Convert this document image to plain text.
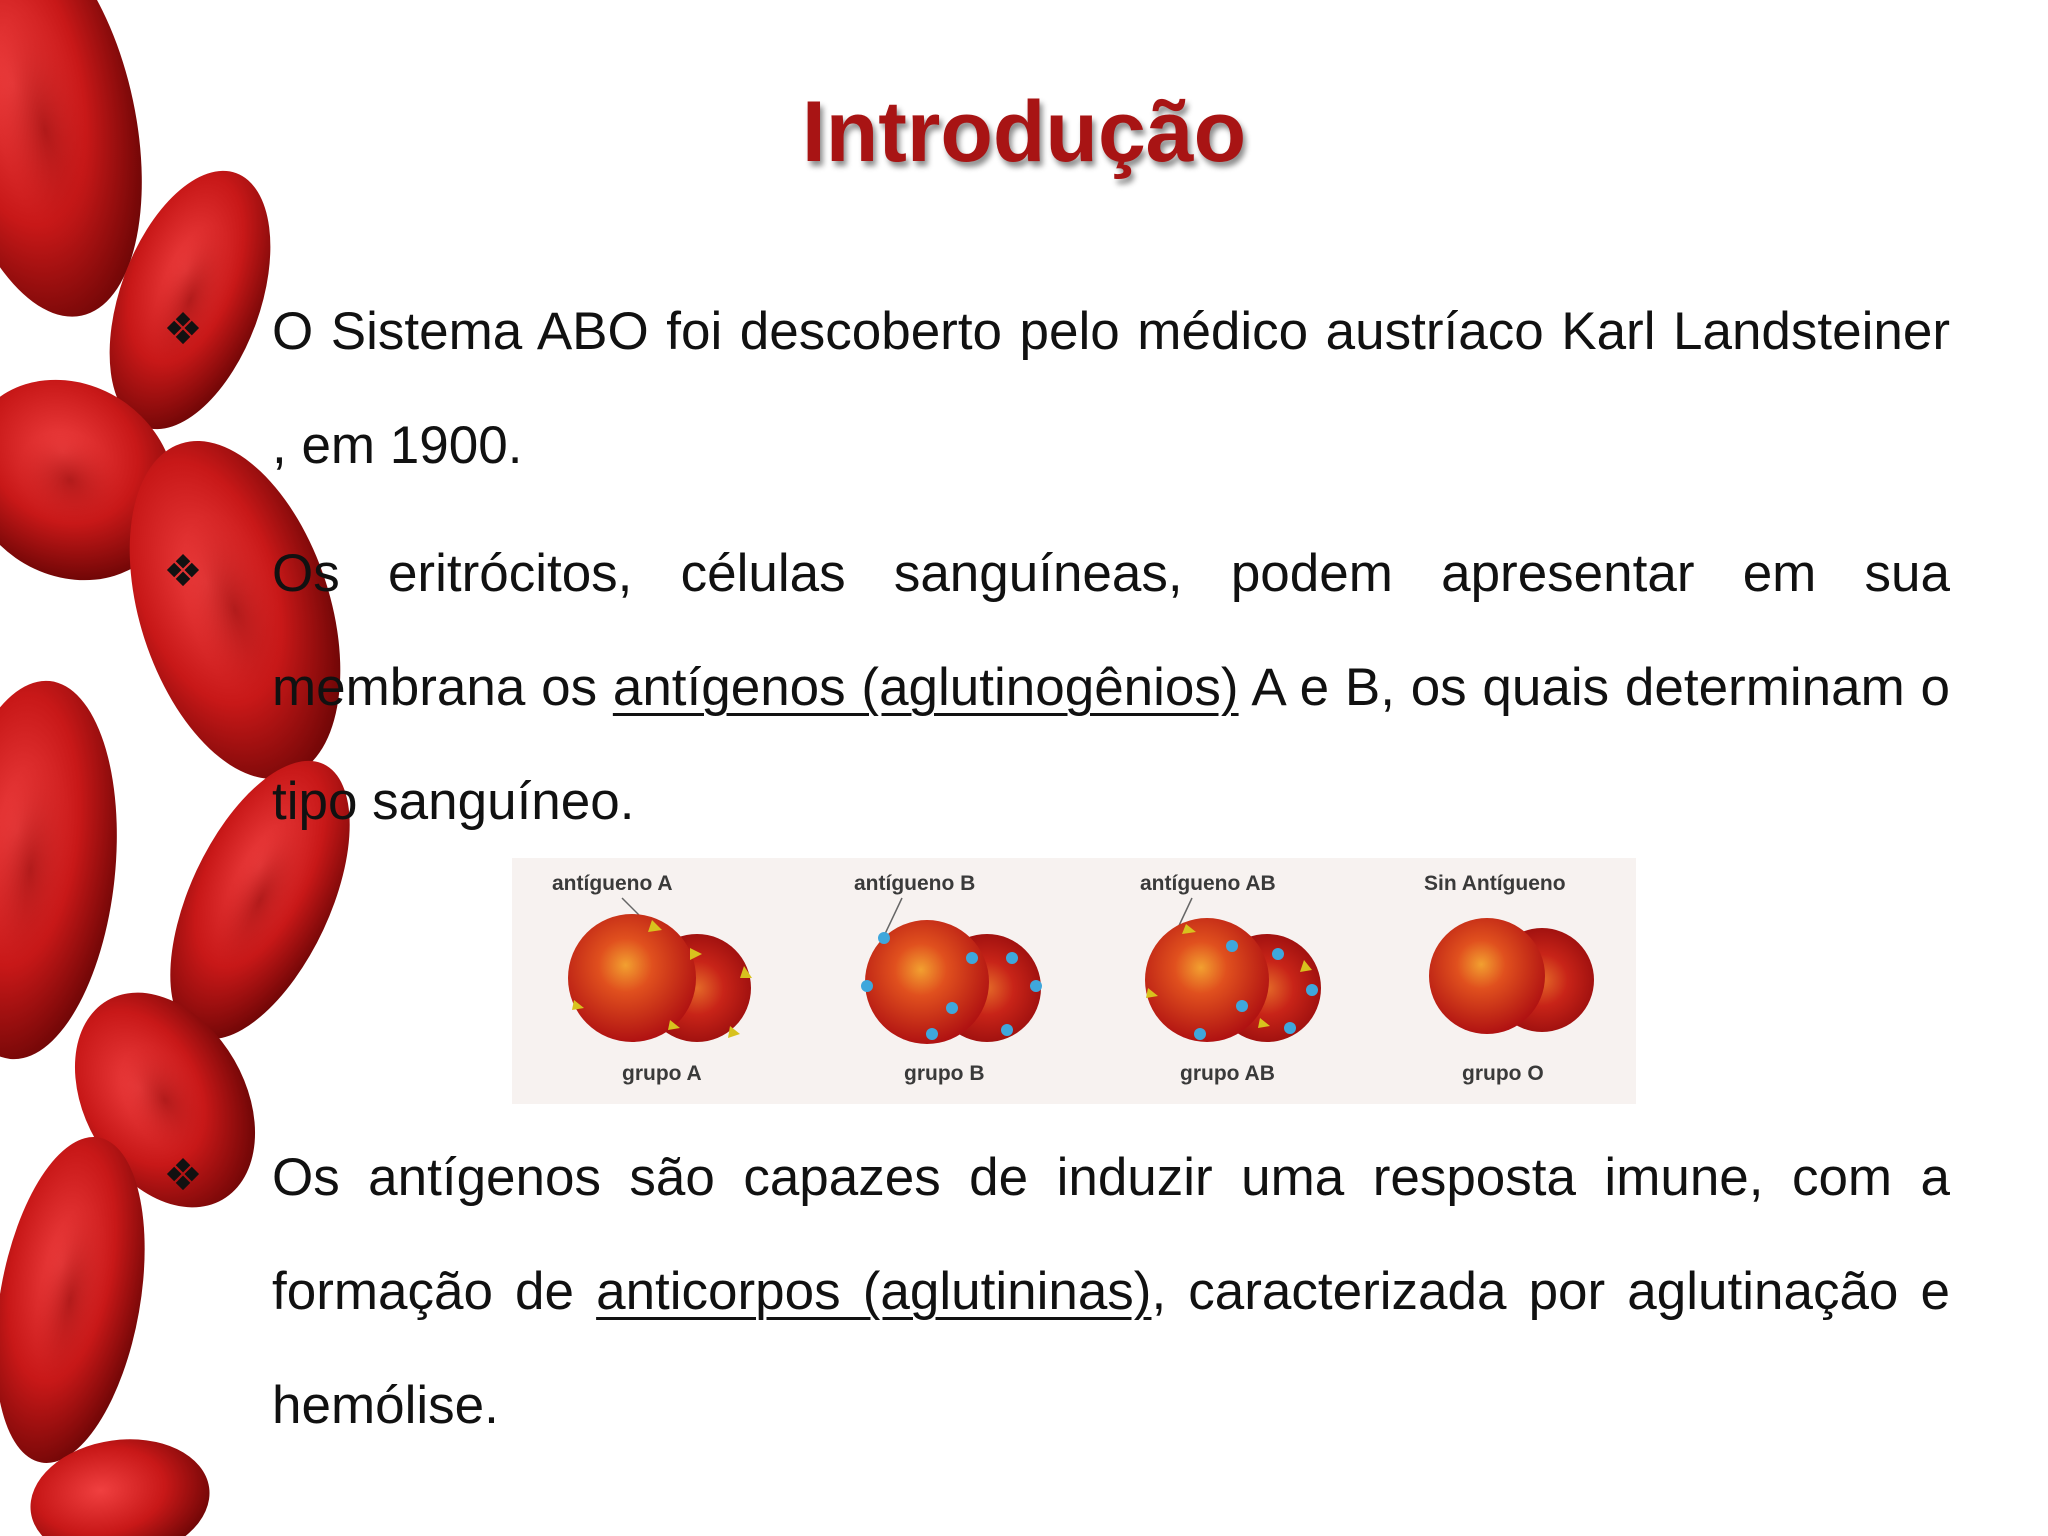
Introdução
❖ O Sistema ABO foi descoberto pelo médico austríaco Karl Landsteiner , em 1900.

❖ Os eritrócitos, células sanguíneas, podem apresentar em sua membrana os antígenos (aglutinogênios) A e B, os quais determinam o tipo sanguíneo.

antígueno A
grupo A
antígueno B
grupo B
antígueno AB
grupo AB
Sin Antígueno
grupo O
❖ Os antígenos são capazes de induzir uma resposta imune, com a formação de anticorpos (aglutininas), caracterizada por aglutinação e hemólise.
